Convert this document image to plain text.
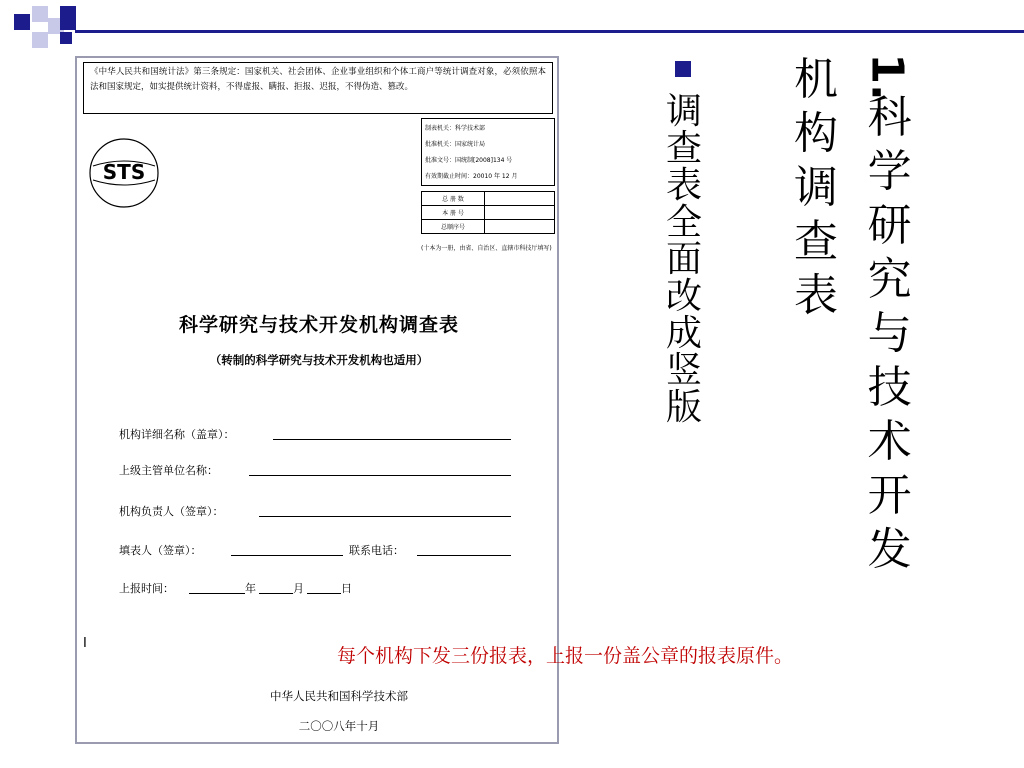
《中华人民共和国统计法》第三条规定：国家机关、社会团体、企业事业组织和个体工商户等统计调查对象，必须依照本法和国家规定，如实提供统计资料，不得虚报、瞒报、拒报、迟报，不得伪造、篡改。
STS
制表机关：科学技术部
批准机关：国家统计局
批准文号：国统制[2008]134 号
有效期截止时间：20010 年 12 月
总 册 数	
本 册 号	
总顺序号	
(十本为一册，由省、自治区、直辖市科技厅填写)
科学研究与技术开发机构调查表
（转制的科学研究与技术开发机构也适用）
机构详细名称（盖章）：
上级主管单位名称：
机构负责人（签章）：
填表人（签章）：	联系电话：
上报时间：	年	月	日
I
中华人民共和国科学技术部
二〇〇八年十月
1.
科
学
研
究
与
技
术
开
发
机
构
调
查
表
调
查
表
全
面
改
成
竖
版
每个机构下发三份报表，上报一份盖公章的报表原件。
